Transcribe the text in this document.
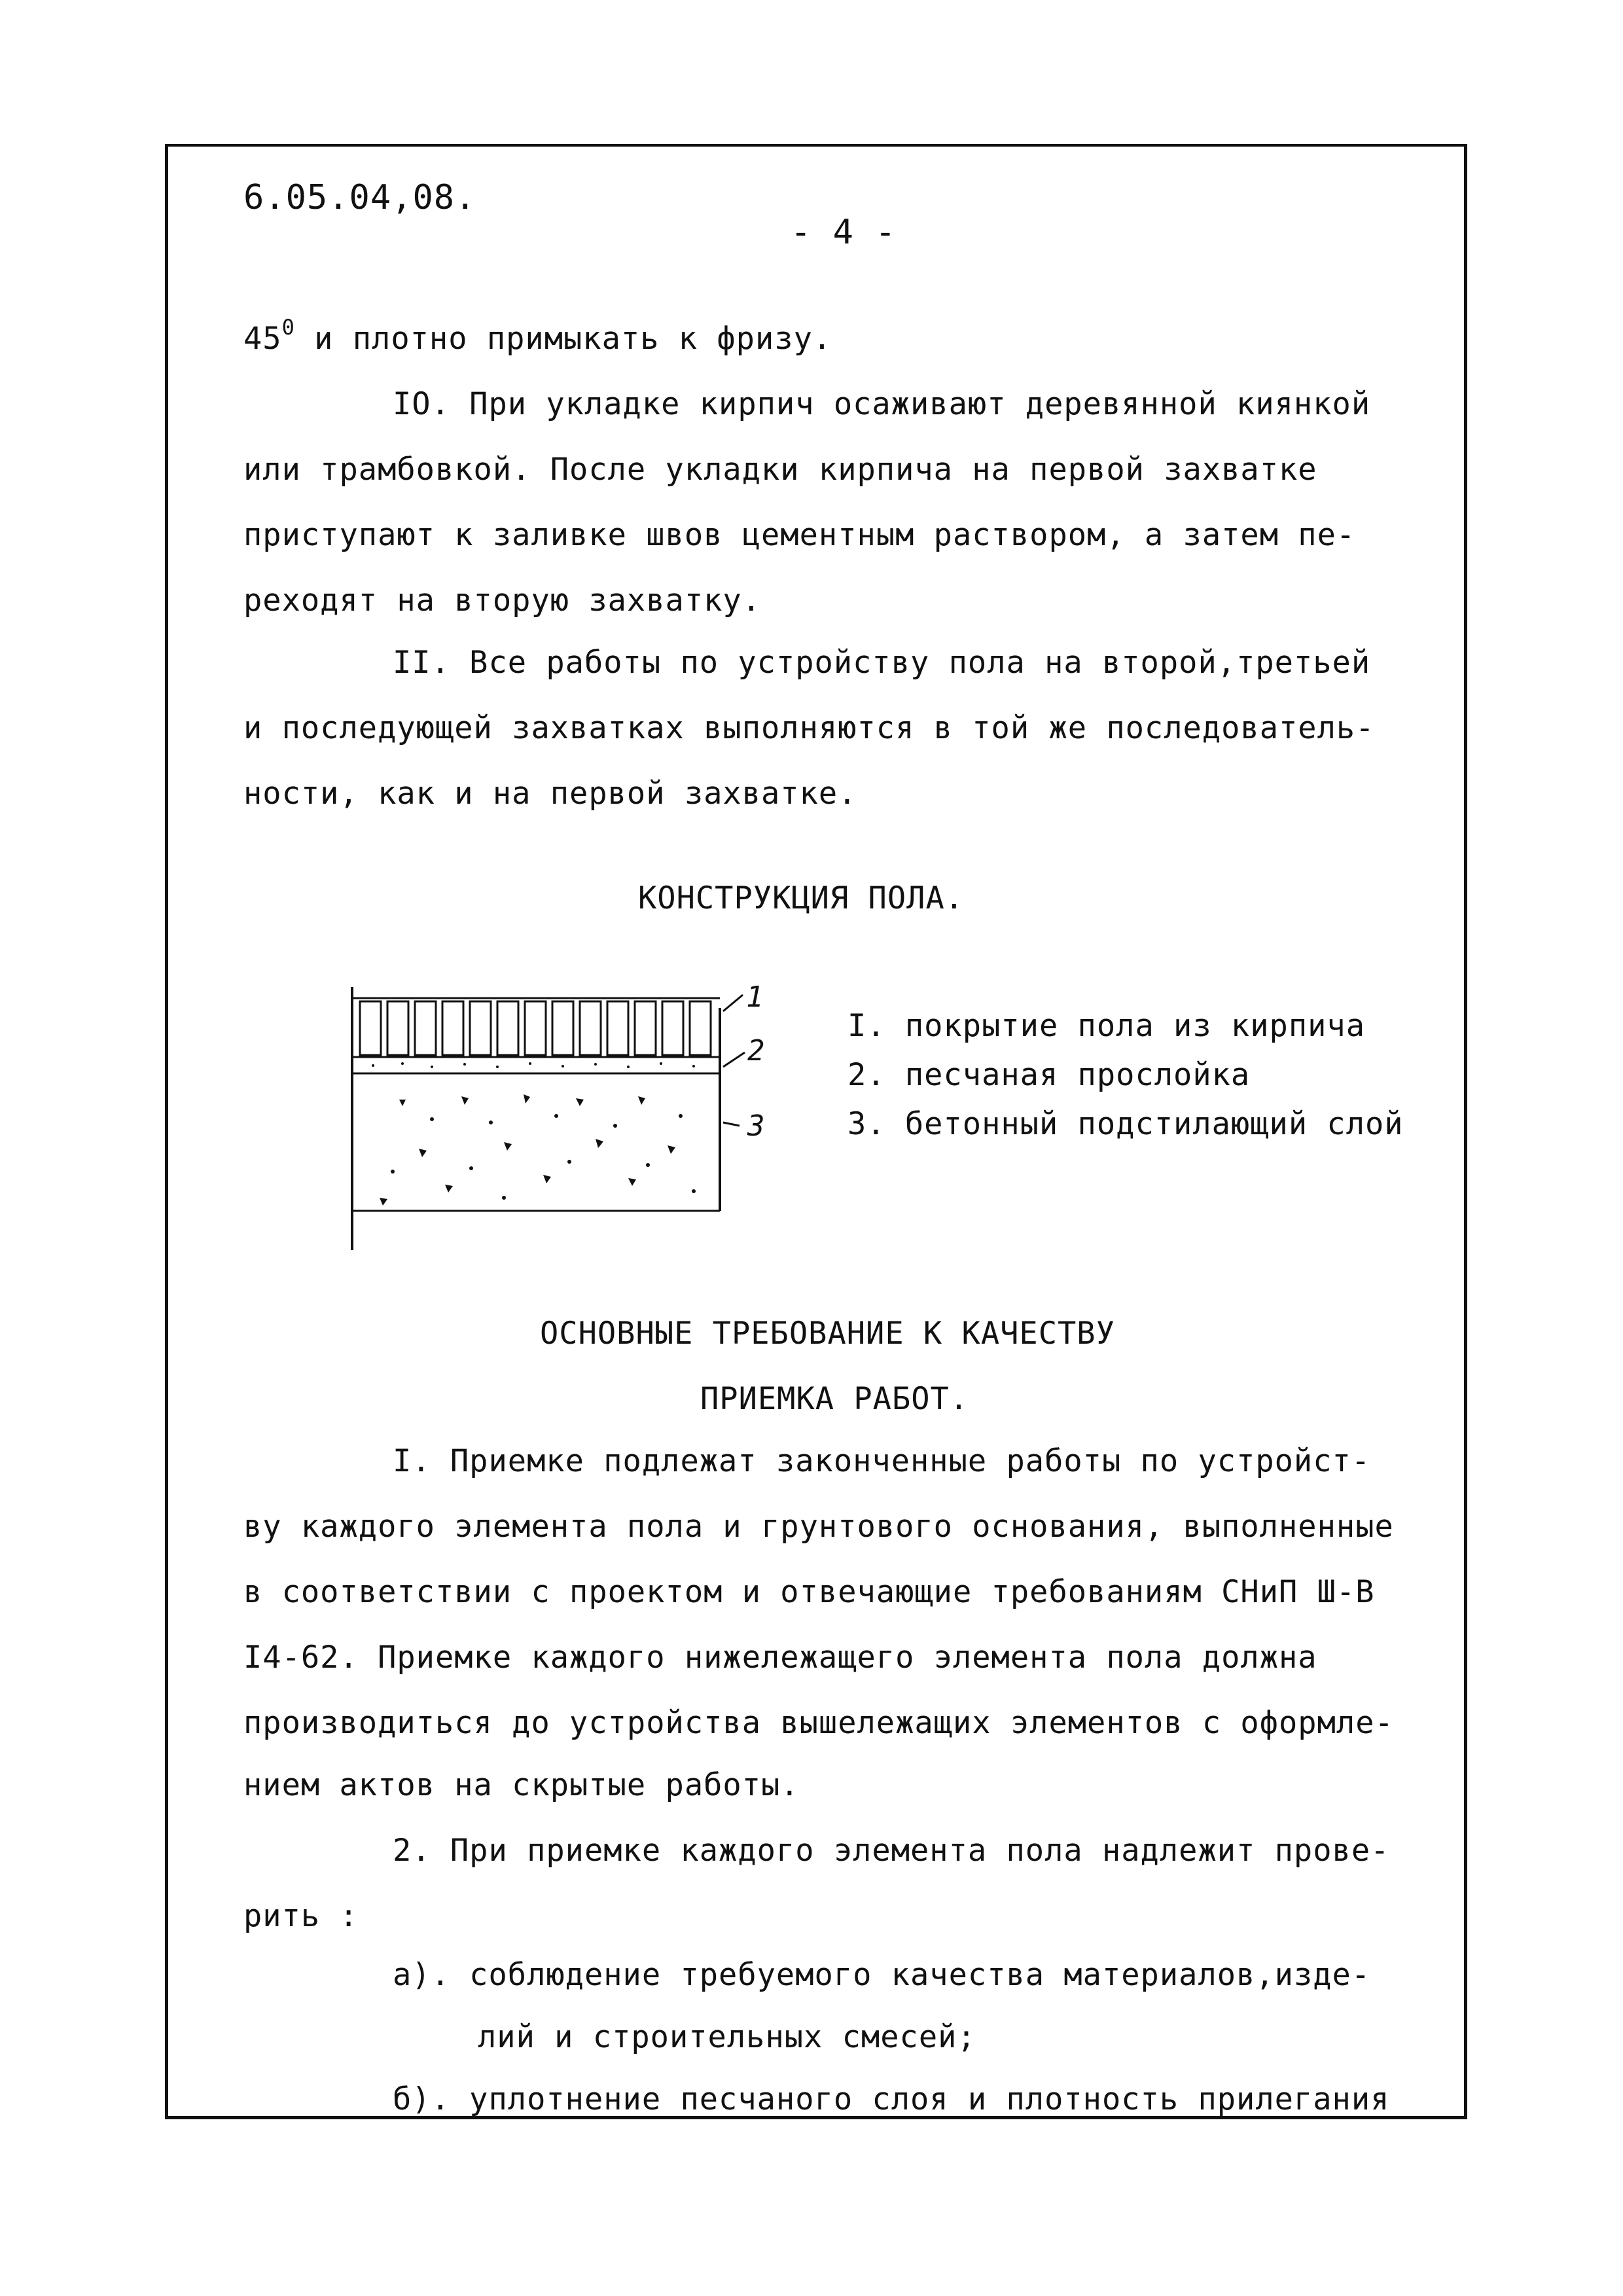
6.05.04,08.
- 4 -
$45^0$ и плотно примыкать к фризу.
IO. При укладке кирпич осаживают деревянной киянкой
или трамбовкой. После укладки кирпича на первой захватке
приступают к заливке швов цементным раствором, а затем пе-
реходят на вторую захватку.
II. Все работы по устройству пола на второй,третьей
и последующей захватках выполняются в той же последователь-
ности, как и на первой захватке.
КОНСТРУКЦИЯ ПОЛА.
1
2
3
I. покрытие пола из кирпича
2. песчаная прослойка
3. бетонный подстилающий слой
ОСНОВНЫЕ ТРЕБОВАНИЕ К КАЧЕСТВУ
ПРИЕМКА РАБОТ.
I. Приемке подлежат законченные работы по устройст-
ву каждого элемента пола и грунтового основания, выполненные
в соответствии с проектом и отвечающие требованиям СНиП Ш-В
I4-62. Приемке каждого нижележащего элемента пола должна
производиться до устройства вышележащих элементов с оформле-
нием актов на скрытые работы.
2. При приемке каждого элемента пола надлежит прове-
рить :
а). соблюдение требуемого качества материалов,изде-
лий и строительных смесей;
б). уплотнение песчаного слоя и плотность прилегания
